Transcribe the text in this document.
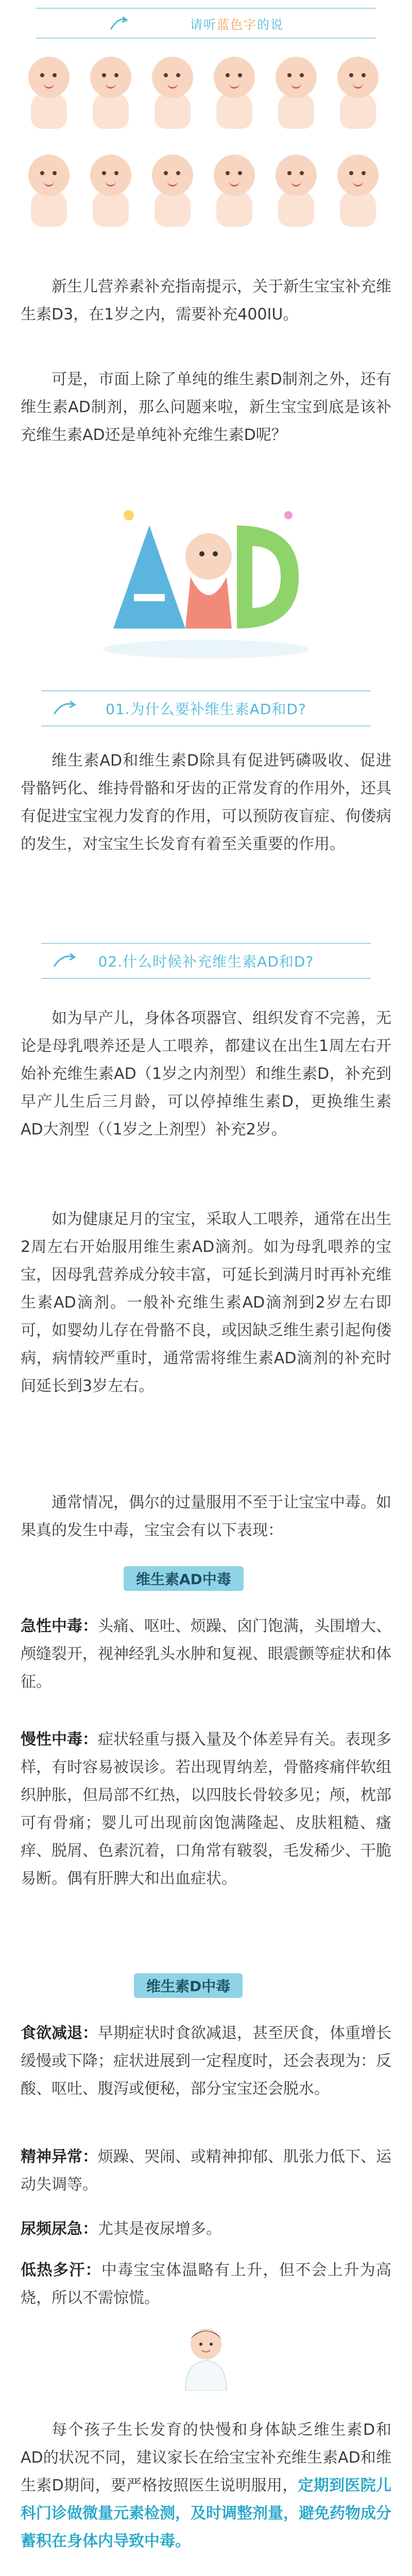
请听蓝色字的说
新生儿营养素补充指南提示，关于新生宝宝补充维生素D3，在1岁之内，需要补充400IU。
可是，市面上除了单纯的维生素D制剂之外，还有维生素AD制剂，那么问题来啦，新生宝宝到底是该补充维生素AD还是单纯补充维生素D呢？
01.为什么要补维生素AD和D?
维生素AD和维生素D除具有促进钙磷吸收、促进骨骼钙化、维持骨骼和牙齿的正常发育的作用外，还具有促进宝宝视力发育的作用，可以预防夜盲症、佝偻病的发生，对宝宝生长发育有着至关重要的作用。
02.什么时候补充维生素AD和D?
如为早产儿，身体各项器官、组织发育不完善，无论是母乳喂养还是人工喂养，都建议在出生1周左右开始补充维生素AD（1岁之内剂型）和维生素D，补充到早产儿生后三月龄，可以停掉维生素D，更换维生素AD大剂型（（1岁之上剂型）补充2岁。
如为健康足月的宝宝，采取人工喂养，通常在出生2周左右开始服用维生素AD滴剂。如为母乳喂养的宝宝，因母乳营养成分较丰富，可延长到满月时再补充维生素AD滴剂。一般补充维生素AD滴剂到2岁左右即可，如婴幼儿存在骨骼不良，或因缺乏维生素引起佝偻病，病情较严重时，通常需将维生素AD滴剂的补充时间延长到3岁左右。
通常情况，偶尔的过量服用不至于让宝宝中毒。如果真的发生中毒，宝宝会有以下表现：
维生素AD中毒
急性中毒：头痛、呕吐、烦躁、囟门饱满，头围增大、颅缝裂开，视神经乳头水肿和复视、眼震颤等症状和体征。
慢性中毒：症状轻重与摄入量及个体差异有关。表现多样，有时容易被误诊。若出现胃纳差，骨骼疼痛伴软组织肿胀，但局部不红热，以四肢长骨较多见；颅，枕部可有骨痛；婴儿可出现前囟饱满隆起、皮肤粗糙、瘙痒、脱屑、色素沉着，口角常有皲裂，毛发稀少、干脆易断。偶有肝脾大和出血症状。
维生素D中毒
食欲减退：早期症状时食欲减退，甚至厌食，体重增长缓慢或下降；症状进展到一定程度时，还会表现为：反酸、呕吐、腹泻或便秘，部分宝宝还会脱水。
精神异常：烦躁、哭闹、或精神抑郁、肌张力低下、运动失调等。
尿频尿急：尤其是夜尿增多。
低热多汗：中毒宝宝体温略有上升，但不会上升为高烧，所以不需惊慌。
每个孩子生长发育的快慢和身体缺乏维生素D和AD的状况不同，建议家长在给宝宝补充维生素AD和维生素D期间，要严格按照医生说明服用，定期到医院儿科门诊做微量元素检测，及时调整剂量，避免药物成分蓄积在身体内导致中毒。
